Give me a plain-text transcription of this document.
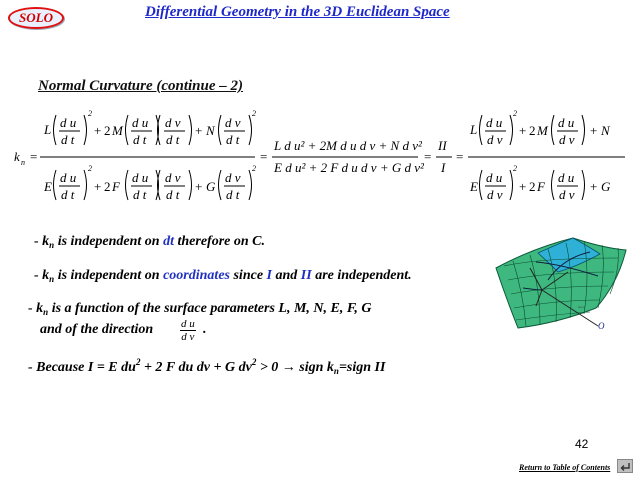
SOLO	Differential Geometry in the 3D Euclidean Space
Normal Curvature (continue – 2)
k n =
L d u
d t
2
+ 2 M
d u
d t
d v
d t
+ N
d v
d t
2
E
d u
d t
2
+ 2 F
d u
d t
d v
d t
+ G
d v
d t
2
=
L d u² + 2M d u d v + N d v²
E d u² + 2 F d u d v + G d v²
=
II
I
=
L d u
d v
2
+ 2 M
d u
d v
+ N
E
d u
d v
2
+ 2 F
d u
d v
+ G
- $k_n$ is independent on dt therefore on C.
- $k_n$ is independent on coordinates since I and II are independent.
- $k_n$ is a function of the surface parameters L, M, N, E, F, G
and of the direction $\frac{\text{d u}}{\text{d v}}$ .
- Because I = E $du^2 + 2$ F du dv + G $dv^2 > 0$ → sign $k_n=sign$ II
r(u,v)
O
42
Return to Table of Contents
